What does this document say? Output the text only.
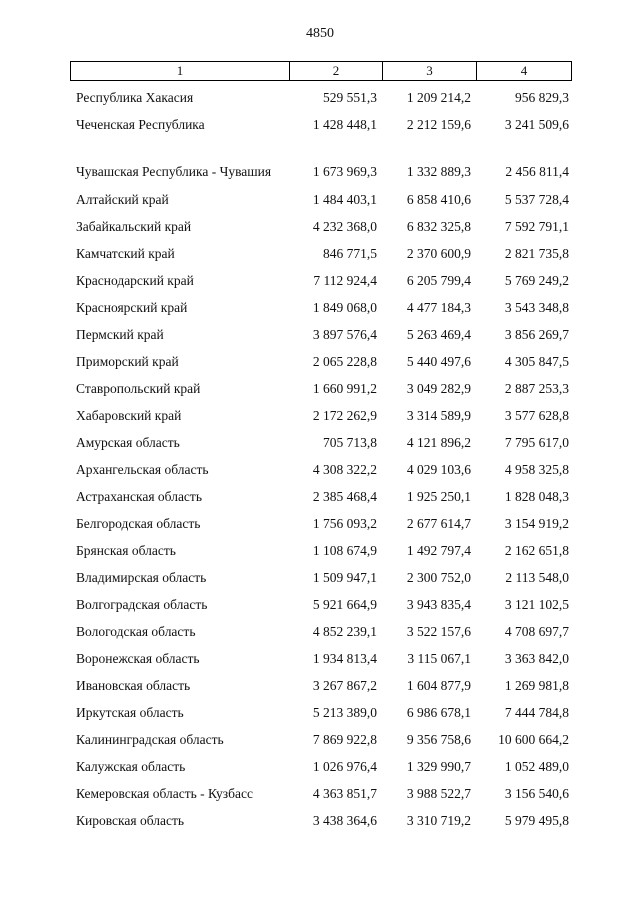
4850
1	2	3	4
Республика Хакасия	529 551,3	1 209 214,2	956 829,3
Чеченская Республика	1 428 448,1	2 212 159,6	3 241 509,6
Чувашская Республика - Чувашия	1 673 969,3	1 332 889,3	2 456 811,4
Алтайский край	1 484 403,1	6 858 410,6	5 537 728,4
Забайкальский край	4 232 368,0	6 832 325,8	7 592 791,1
Камчатский край	846 771,5	2 370 600,9	2 821 735,8
Краснодарский край	7 112 924,4	6 205 799,4	5 769 249,2
Красноярский край	1 849 068,0	4 477 184,3	3 543 348,8
Пермский край	3 897 576,4	5 263 469,4	3 856 269,7
Приморский край	2 065 228,8	5 440 497,6	4 305 847,5
Ставропольский край	1 660 991,2	3 049 282,9	2 887 253,3
Хабаровский край	2 172 262,9	3 314 589,9	3 577 628,8
Амурская область	705 713,8	4 121 896,2	7 795 617,0
Архангельская область	4 308 322,2	4 029 103,6	4 958 325,8
Астраханская область	2 385 468,4	1 925 250,1	1 828 048,3
Белгородская область	1 756 093,2	2 677 614,7	3 154 919,2
Брянская область	1 108 674,9	1 492 797,4	2 162 651,8
Владимирская область	1 509 947,1	2 300 752,0	2 113 548,0
Волгоградская область	5 921 664,9	3 943 835,4	3 121 102,5
Вологодская область	4 852 239,1	3 522 157,6	4 708 697,7
Воронежская область	1 934 813,4	3 115 067,1	3 363 842,0
Ивановская область	3 267 867,2	1 604 877,9	1 269 981,8
Иркутская область	5 213 389,0	6 986 678,1	7 444 784,8
Калининградская область	7 869 922,8	9 356 758,6	10 600 664,2
Калужская область	1 026 976,4	1 329 990,7	1 052 489,0
Кемеровская область - Кузбасс	4 363 851,7	3 988 522,7	3 156 540,6
Кировская область	3 438 364,6	3 310 719,2	5 979 495,8
